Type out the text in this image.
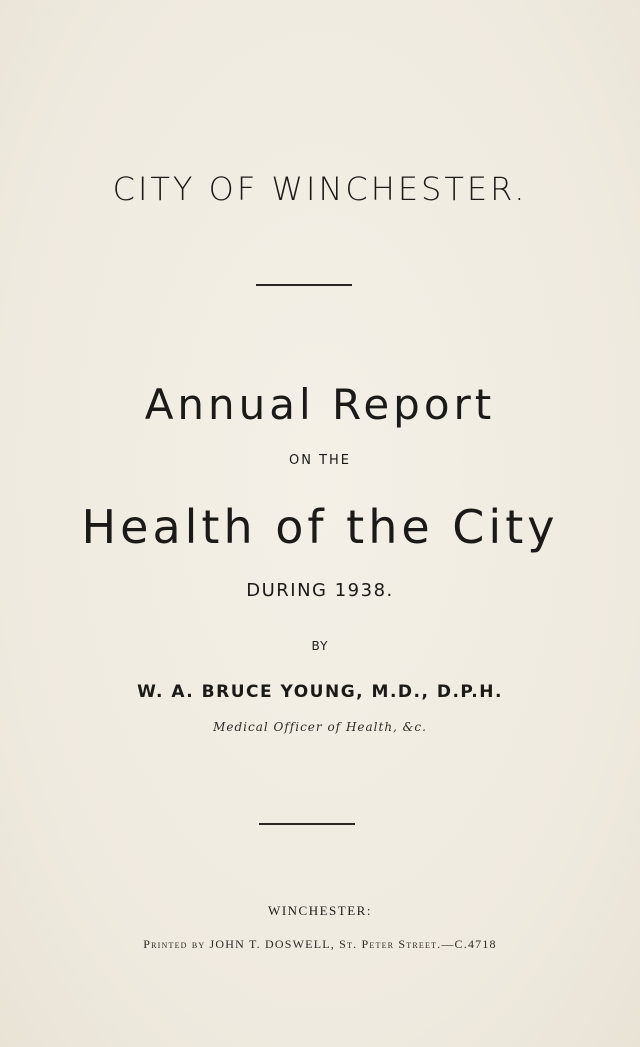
CITY OF WINCHESTER.
Annual Report
ON THE
Health of the City
DURING 1938.
BY
W. A. BRUCE YOUNG, M.D., D.P.H.
Medical Officer of Health, &c.
WINCHESTER:
Printed by JOHN T. DOSWELL, St. Peter Street.—C.4718
